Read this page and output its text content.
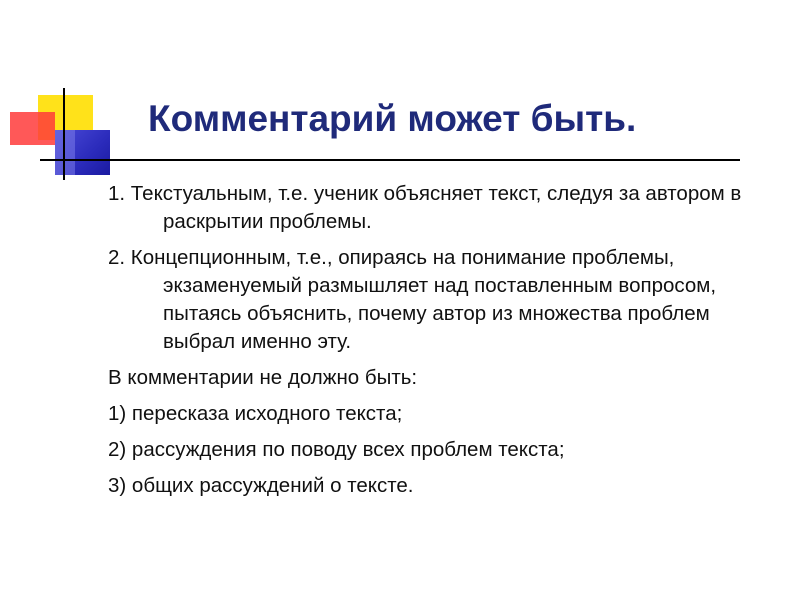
Комментарий может быть.

1. Текстуальным, т.е. ученик объясняет текст, следуя за автором в раскрытии проблемы.

2. Концепционным, т.е., опираясь на понимание проблемы, экзаменуемый размышляет над поставленным вопросом, пытаясь объяснить, почему автор из множества проблем выбрал именно эту.

В комментарии не должно быть:

1) пересказа исходного текста;

2) рассуждения по поводу всех проблем текста;

3) общих рассуждений о тексте.
